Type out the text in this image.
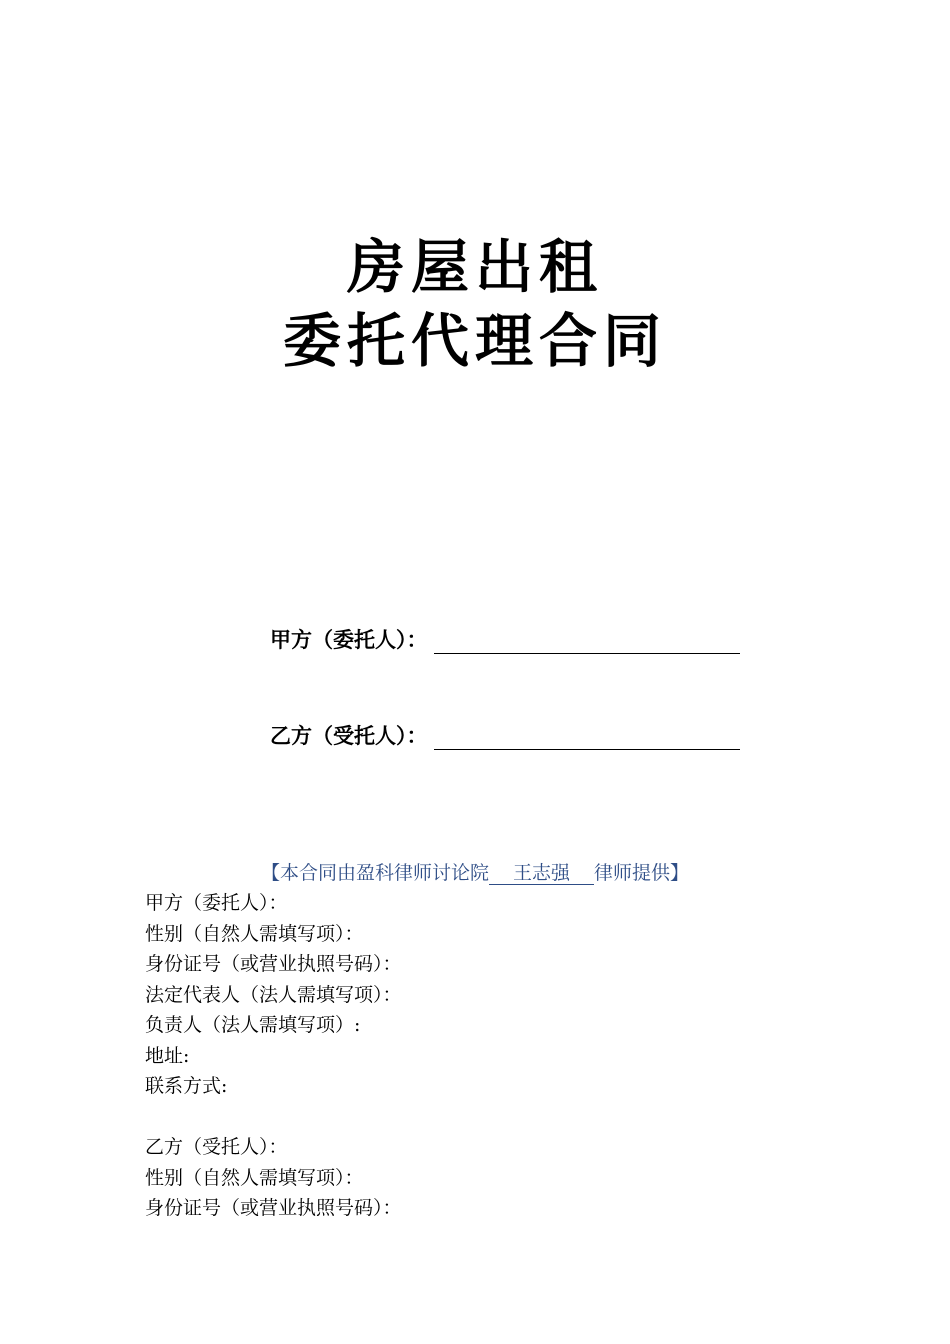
房屋出租
委托代理合同
甲方（委托人）：
乙方（受托人）：
【本合同由盈科律师讨论院 王志强 律师提供】
甲方（委托人）：
性别（自然人需填写项）：
身份证号（或营业执照号码）：
法定代表人（法人需填写项）：
负责人（法人需填写项）:
地址:
联系方式:
乙方（受托人）：
性别（自然人需填写项）：
身份证号（或营业执照号码）：
